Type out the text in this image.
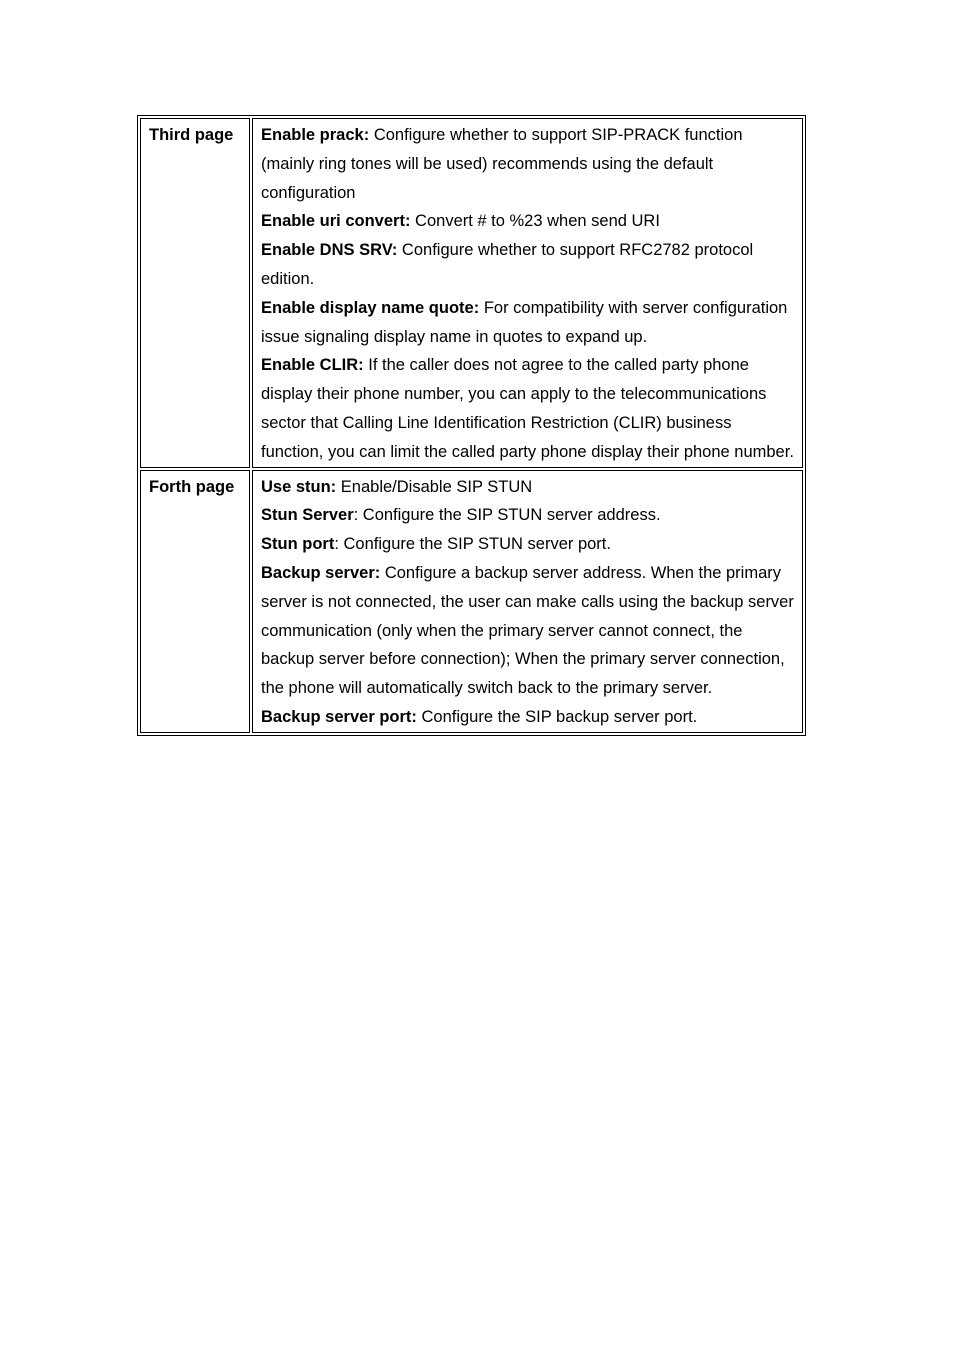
Third page	Enable prack: Configure whether to support SIP-PRACK function (mainly ring tones will be used) recommends using the default configuration
Enable uri convert: Convert # to %23 when send URI
Enable DNS SRV: Configure whether to support RFC2782 protocol edition.
Enable display name quote: For compatibility with server configuration issue signaling display name in quotes to expand up.
Enable CLIR: If the caller does not agree to the called party phone display their phone number, you can apply to the telecommunications sector that Calling Line Identification Restriction (CLIR) business function, you can limit the called party phone display their phone number.

Forth page	Use stun: Enable/Disable SIP STUN
Stun Server: Configure the SIP STUN server address.
Stun port: Configure the SIP STUN server port.
Backup server: Configure a backup server address. When the primary server is not connected, the user can make calls using the backup server communication (only when the primary server cannot connect, the backup server before connection); When the primary server connection, the phone will automatically switch back to the primary server.
Backup server port: Configure the SIP backup server port.
